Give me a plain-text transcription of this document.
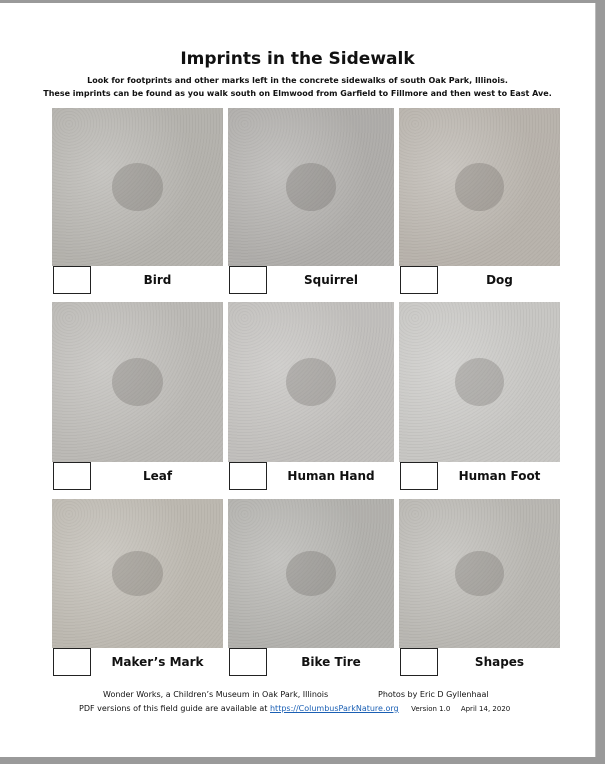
Imprints in the Sidewalk
Look for footprints and other marks left in the concrete sidewalks of south Oak Park, Illinois.
These imprints can be found as you walk south on Elmwood from Garfield to Fillmore and then west to East Ave.
Wonder Works, a Children’s Museum in Oak Park, Illinois	Photos by Eric D Gyllenhaal
PDF versions of this field guide are available at https://ColumbusParkNature.org Version 1.0 April 14, 2020
Bird	Squirrel	Dog
Leaf	Human Hand	Human Foot
Maker’s Mark	Bike Tire	Shapes
